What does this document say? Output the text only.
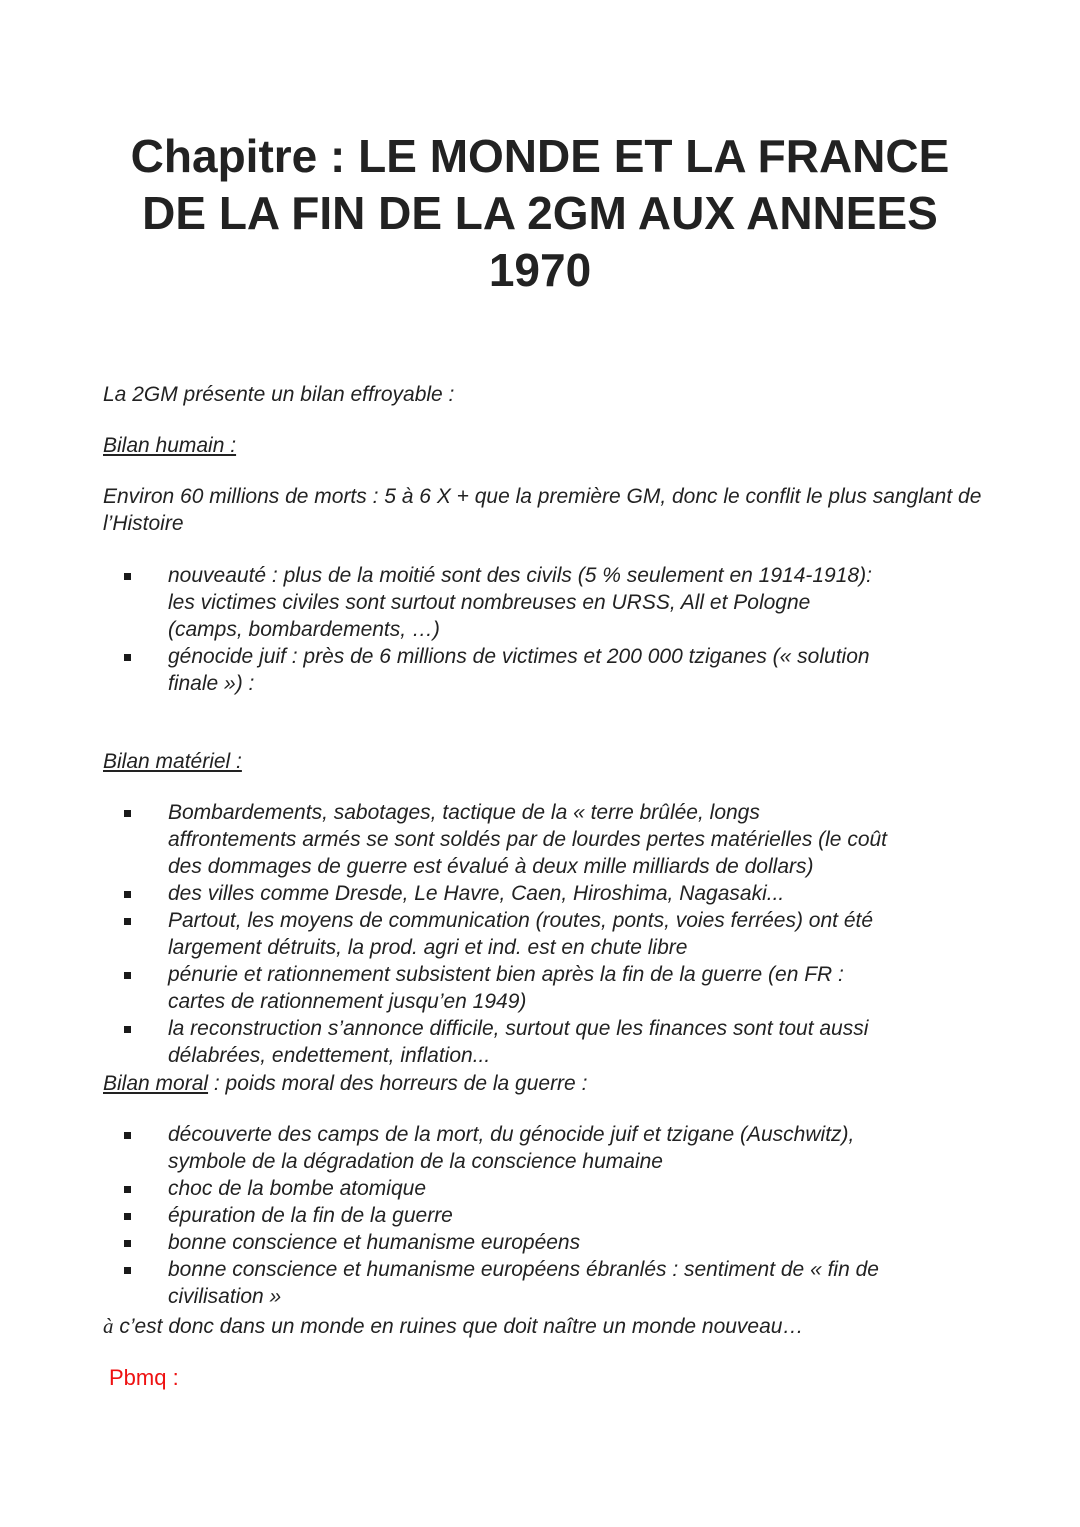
Chapitre : LE MONDE ET LA FRANCE
DE LA FIN DE LA 2GM AUX ANNEES
1970

La 2GM présente un bilan effroyable :

Bilan humain :

Environ 60 millions de morts : 5 à 6 X + que la première GM, donc le conflit le plus sanglant de l’Histoire

nouveauté : plus de la moitié sont des civils (5 % seulement en 1914-1918):
les victimes civiles sont surtout nombreuses en URSS, All et Pologne
(camps, bombardements, …)
génocide juif : près de 6 millions de victimes et 200 000 tziganes (« solution
finale ») :

Bilan matériel :

Bombardements, sabotages, tactique de la « terre brûlée, longs
affrontements armés se sont soldés par de lourdes pertes matérielles (le coût
des dommages de guerre est évalué à deux mille milliards de dollars)
des villes comme Dresde, Le Havre, Caen, Hiroshima, Nagasaki...
Partout, les moyens de communication (routes, ponts, voies ferrées) ont été
largement détruits, la prod. agri et ind. est en chute libre
pénurie et rationnement subsistent bien après la fin de la guerre (en FR :
cartes de rationnement jusqu’en 1949)
la reconstruction s’annonce difficile, surtout que les finances sont tout aussi
délabrées, endettement, inflation...

Bilan moral : poids moral des horreurs de la guerre :

découverte des camps de la mort, du génocide juif et tzigane (Auschwitz),
symbole de la dégradation de la conscience humaine
choc de la bombe atomique
épuration de la fin de la guerre
bonne conscience et humanisme européens
bonne conscience et humanisme européens ébranlés : sentiment de « fin de
civilisation »

à c’est donc dans un monde en ruines que doit naître un monde nouveau…

Pbmq :
